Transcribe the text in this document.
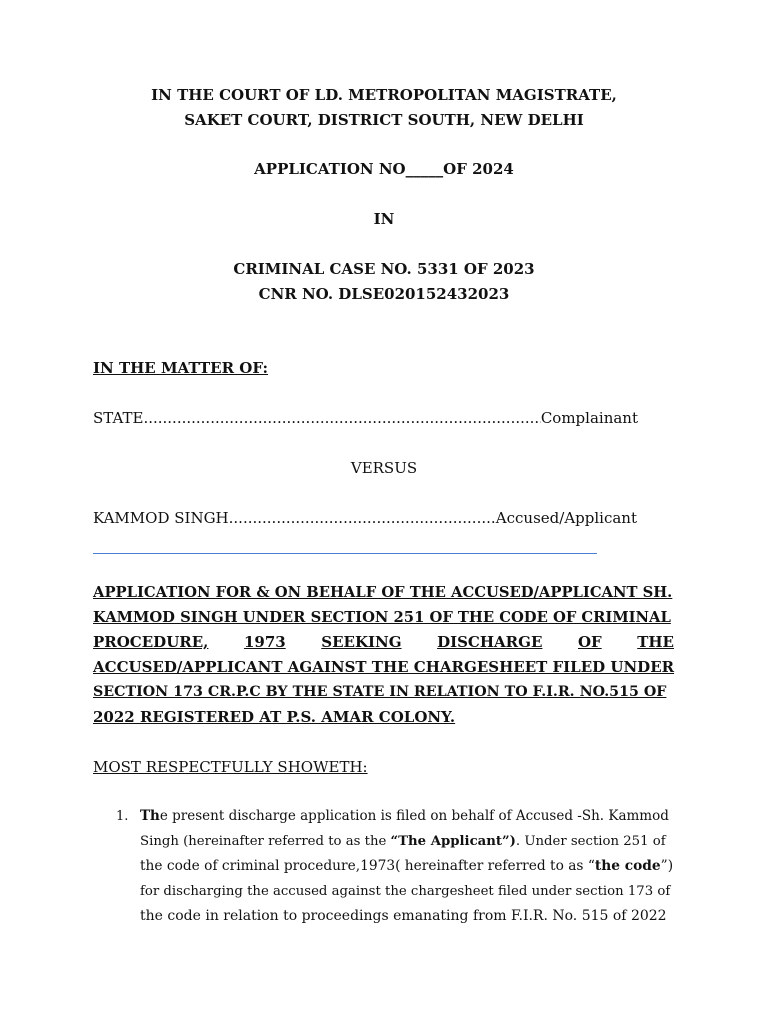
IN THE COURT OF LD. METROPOLITAN MAGISTRATE,
SAKET COURT, DISTRICT SOUTH, NEW DELHI
APPLICATION NO_____OF 2024
IN
CRIMINAL CASE NO. 5331 OF 2023
CNR NO. DLSE020152432023
IN THE MATTER OF:
STATE .....	Complainant
VERSUS
KAMMOD SINGH .....	Accused/Applicant
APPLICATION FOR & ON BEHALF OF THE ACCUSED/APPLICANT SH.
KAMMOD SINGH UNDER SECTION 251 OF THE CODE OF CRIMINAL
PROCEDURE, 1973 SEEKING DISCHARGE OF THE
ACCUSED/APPLICANT AGAINST THE CHARGESHEET FILED UNDER
SECTION 173 CR.P.C BY THE STATE IN RELATION TO F.I.R. NO.515 OF
2022 REGISTERED AT P.S. AMAR COLONY.
MOST RESPECTFULLY SHOWETH:
1. The present discharge application is filed on behalf of Accused -Sh. Kammod
Singh (hereinafter referred to as the “The Applicant”). Under section 251 of
the code of criminal procedure,1973( hereinafter referred to as “the code”)
for discharging the accused against the chargesheet filed under section 173 of
the code in relation to proceedings emanating from F.I.R. No. 515 of 2022
